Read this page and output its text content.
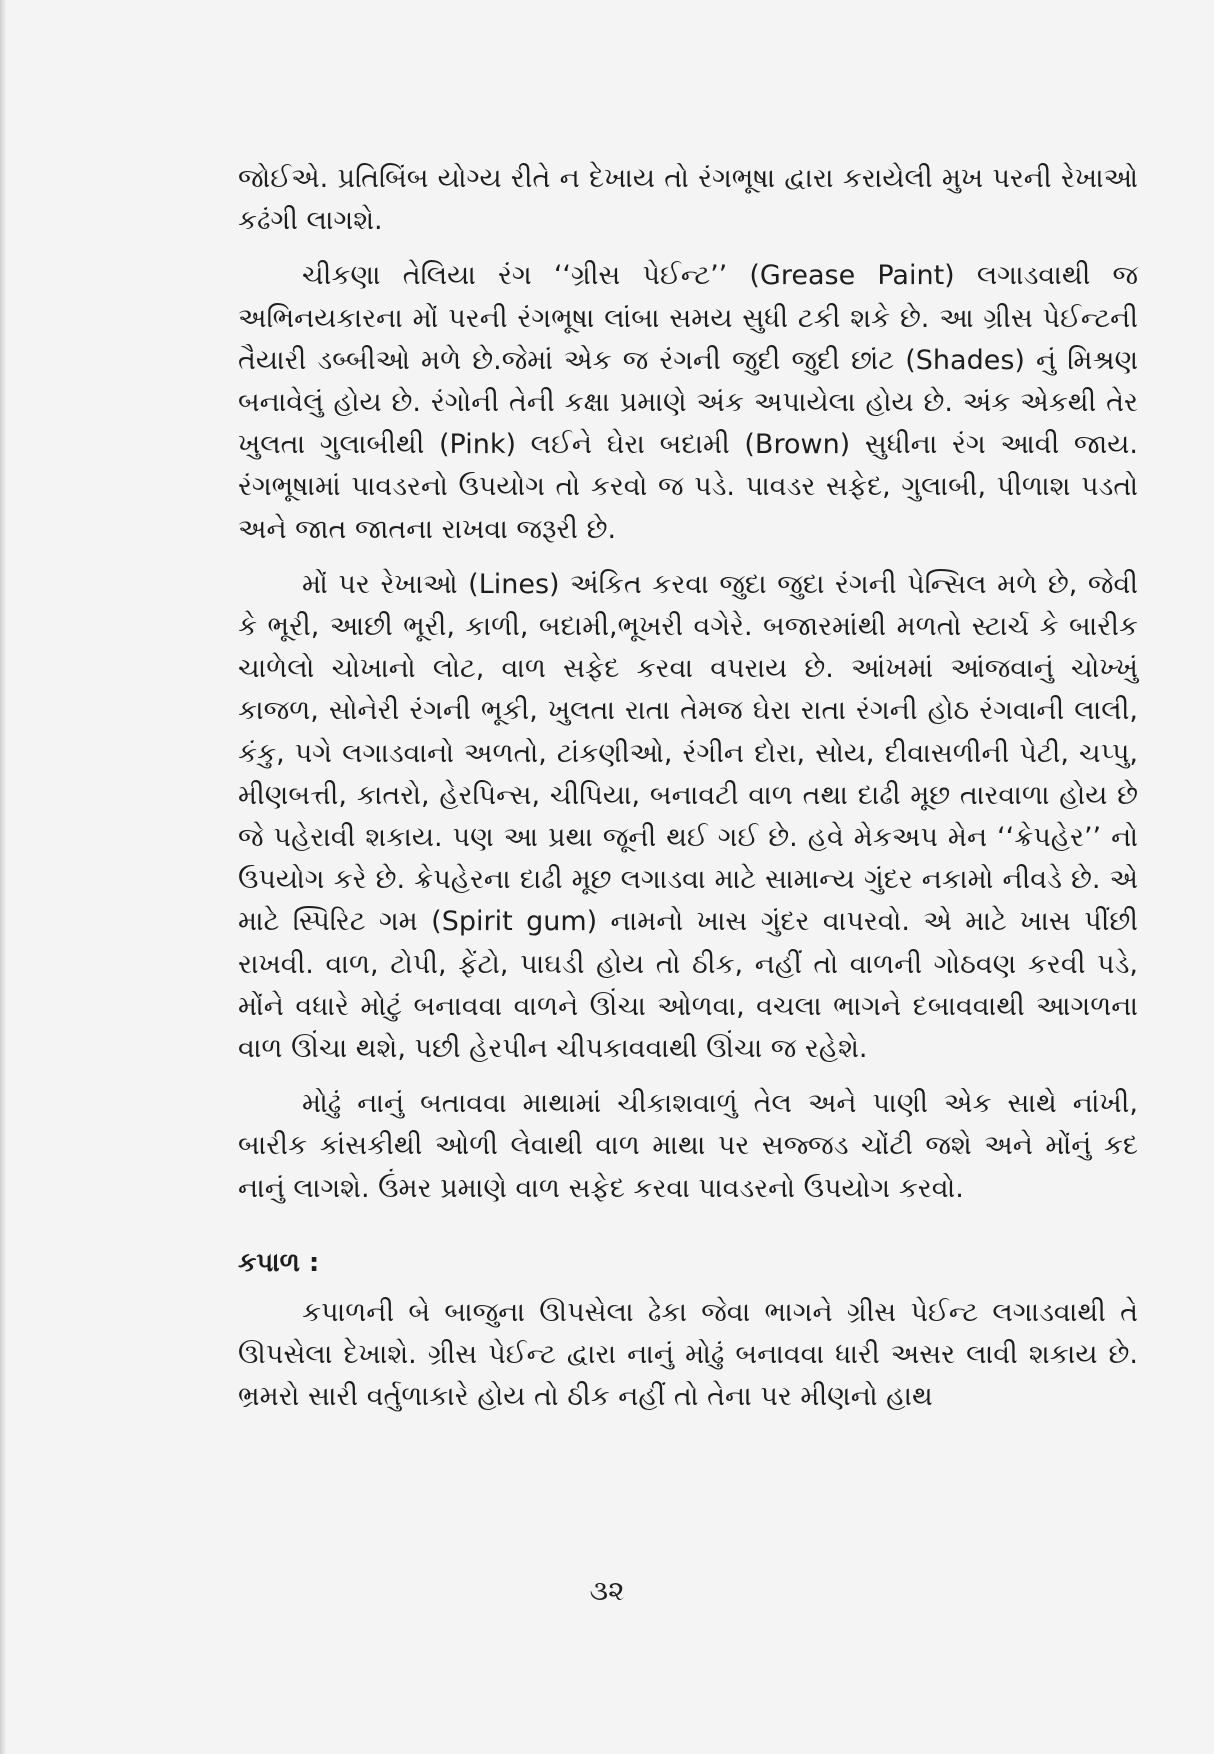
જોઈએ. પ્રતિબિંબ યોગ્ય રીતે ન દેખાય તો રંગભૂષા દ્વારા કરાયેલી મુખ પરની રેખાઓ કઢંગી લાગશે.

ચીકણા તેલિયા રંગ ‘‘ગ્રીસ પેઈન્ટ’’ (Grease Paint) લગાડવાથી જ અભિનયકારના મોં પરની રંગભૂષા લાંબા સમય સુધી ટકી શકે છે. આ ગ્રીસ પેઈન્ટની તૈયારી ડબ્બીઓ મળે છે.જેમાં એક જ રંગની જુદી જુદી છાંટ (Shades) નું મિશ્રણ બનાવેલું હોય છે. રંગોની તેની કક્ષા પ્રમાણે અંક અપાયેલા હોય છે. અંક એકથી તેર ખુલતા ગુલાબીથી (Pink) લઈને ઘેરા બદામી (Brown) સુધીના રંગ આવી જાય. રંગભૂષામાં પાવડરનો ઉપયોગ તો કરવો જ પડે. પાવડર સફેદ, ગુલાબી, પીળાશ પડતો અને જાત જાતના રાખવા જરૂરી છે.

મોં પર રેખાઓ (Lines) અંકિત કરવા જુદા જુદા રંગની પેન્સિલ મળે છે, જેવી કે ભૂરી, આછી ભૂરી, કાળી, બદામી,ભૂખરી વગેરે. બજારમાંથી મળતો સ્ટાર્ચ કે બારીક ચાળેલો ચોખાનો લોટ, વાળ સફેદ કરવા વપરાય છે. આંખમાં આંજવાનું ચોખ્ખું કાજળ, સોનેરી રંગની ભૂકી, ખુલતા રાતા તેમજ ઘેરા રાતા રંગની હોઠ રંગવાની લાલી, કંકુ, પગે લગાડવાનો અળતો, ટાંકણીઓ, રંગીન દોરા, સોય, દીવાસળીની પેટી, ચપ્પુ, મીણબત્તી, કાતરો, હેરપિન્સ, ચીપિયા, બનાવટી વાળ તથા દાઢી મૂછ તારવાળા હોય છે જે પહેરાવી શકાય. પણ આ પ્રથા જૂની થઈ ગઈ છે. હવે મેકઅપ મેન ‘‘ક્રેપહેર’’ નો ઉપયોગ કરે છે. ક્રેપહેરના દાઢી મૂછ લગાડવા માટે સામાન્ય ગુંદર નકામો નીવડે છે. એ માટે સ્પિરિટ ગમ (Spirit gum) નામનો ખાસ ગુંદર વાપરવો. એ માટે ખાસ પીંછી રાખવી. વાળ, ટોપી, ફેંટો, પાઘડી હોય તો ઠીક, નહીં તો વાળની ગોઠવણ કરવી પડે, મોંને વધારે મોટું બનાવવા વાળને ઊંચા ઓળવા, વચલા ભાગને દબાવવાથી આગળના વાળ ઊંચા થશે, પછી હેરપીન ચીપકાવવાથી ઊંચા જ રહેશે.

મોઢું નાનું બતાવવા માથામાં ચીકાશવાળું તેલ અને પાણી એક સાથે નાંખી, બારીક કાંસકીથી ઓળી લેવાથી વાળ માથા પર સજ્જડ ચોંટી જશે અને મોંનું કદ નાનું લાગશે. ઉંમર પ્રમાણે વાળ સફેદ કરવા પાવડરનો ઉપયોગ કરવો.

કપાળ :

કપાળની બે બાજુના ઊપસેલા ઢેકા જેવા ભાગને ગ્રીસ પેઈન્ટ લગાડવાથી તે ઊપસેલા દેખાશે. ગ્રીસ પેઈન્ટ દ્વારા નાનું મોઢું બનાવવા ધારી અસર લાવી શકાય છે. ભ્રમરો સારી વર્તુળાકારે હોય તો ઠીક નહીં તો તેના પર મીણનો હાથ

૩૨
